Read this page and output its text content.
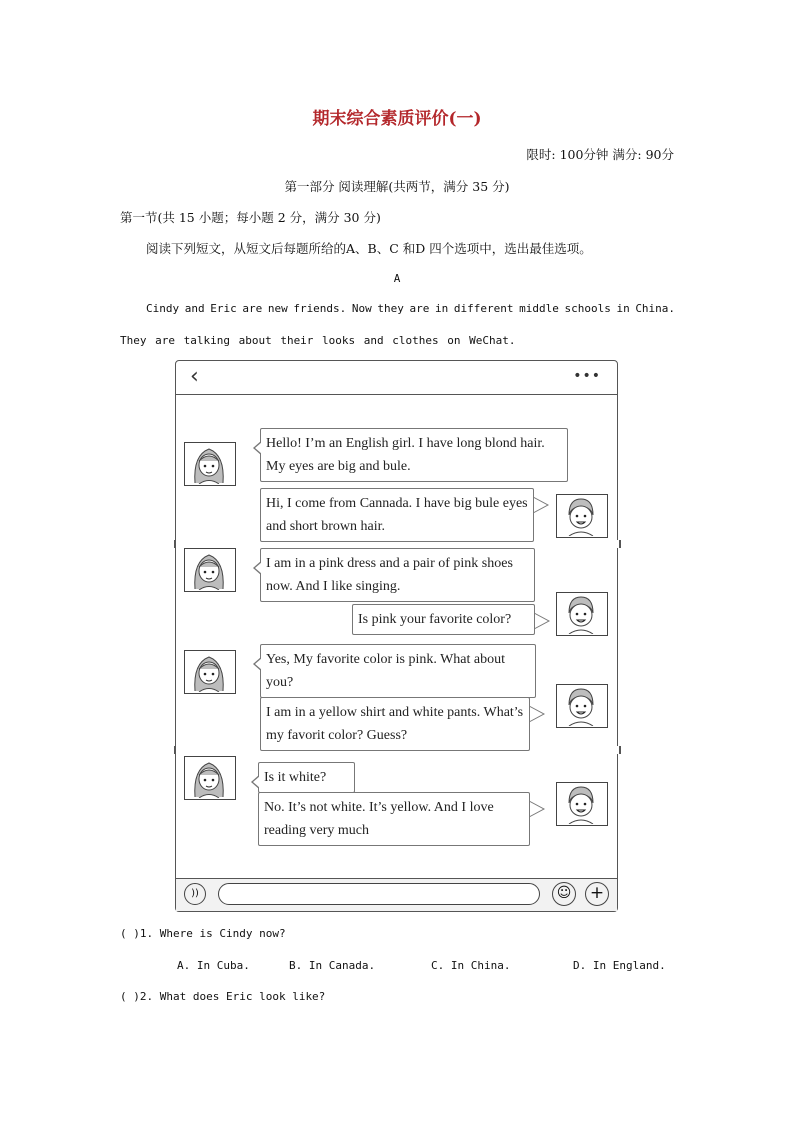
期末综合素质评价(一)
限时: 100分钟 满分: 90分
第一部分 阅读理解(共两节，满分 35 分)
第一节(共 15 小题；每小题 2 分，满分 30 分)
阅读下列短文，从短文后每题所给的A、B、C 和D 四个选项中，选出最佳选项。
A
Cindy and Eric are new friends. Now they are in different middle schools in China.
They are talking about their looks and clothes on WeChat.
‹	•••
Hello! I’m an English girl. I have long blond hair. My eyes are big and bule.
Hi, I come from Cannada. I have big bule eyes and short brown hair.
I am in a pink dress and a pair of pink shoes now. And I like singing.
Is pink your favorite color?
Yes, My favorite color is pink. What about you?
I am in a yellow shirt and white pants. What’s my favorit color? Guess?
Is it white?
No. It’s not white. It’s yellow. And I love reading very much
))	☺ +
( )1. Where is Cindy now?
A. In Cuba.	B. In Canada.	C. In China.	D. In England.
( )2. What does Eric look like?
